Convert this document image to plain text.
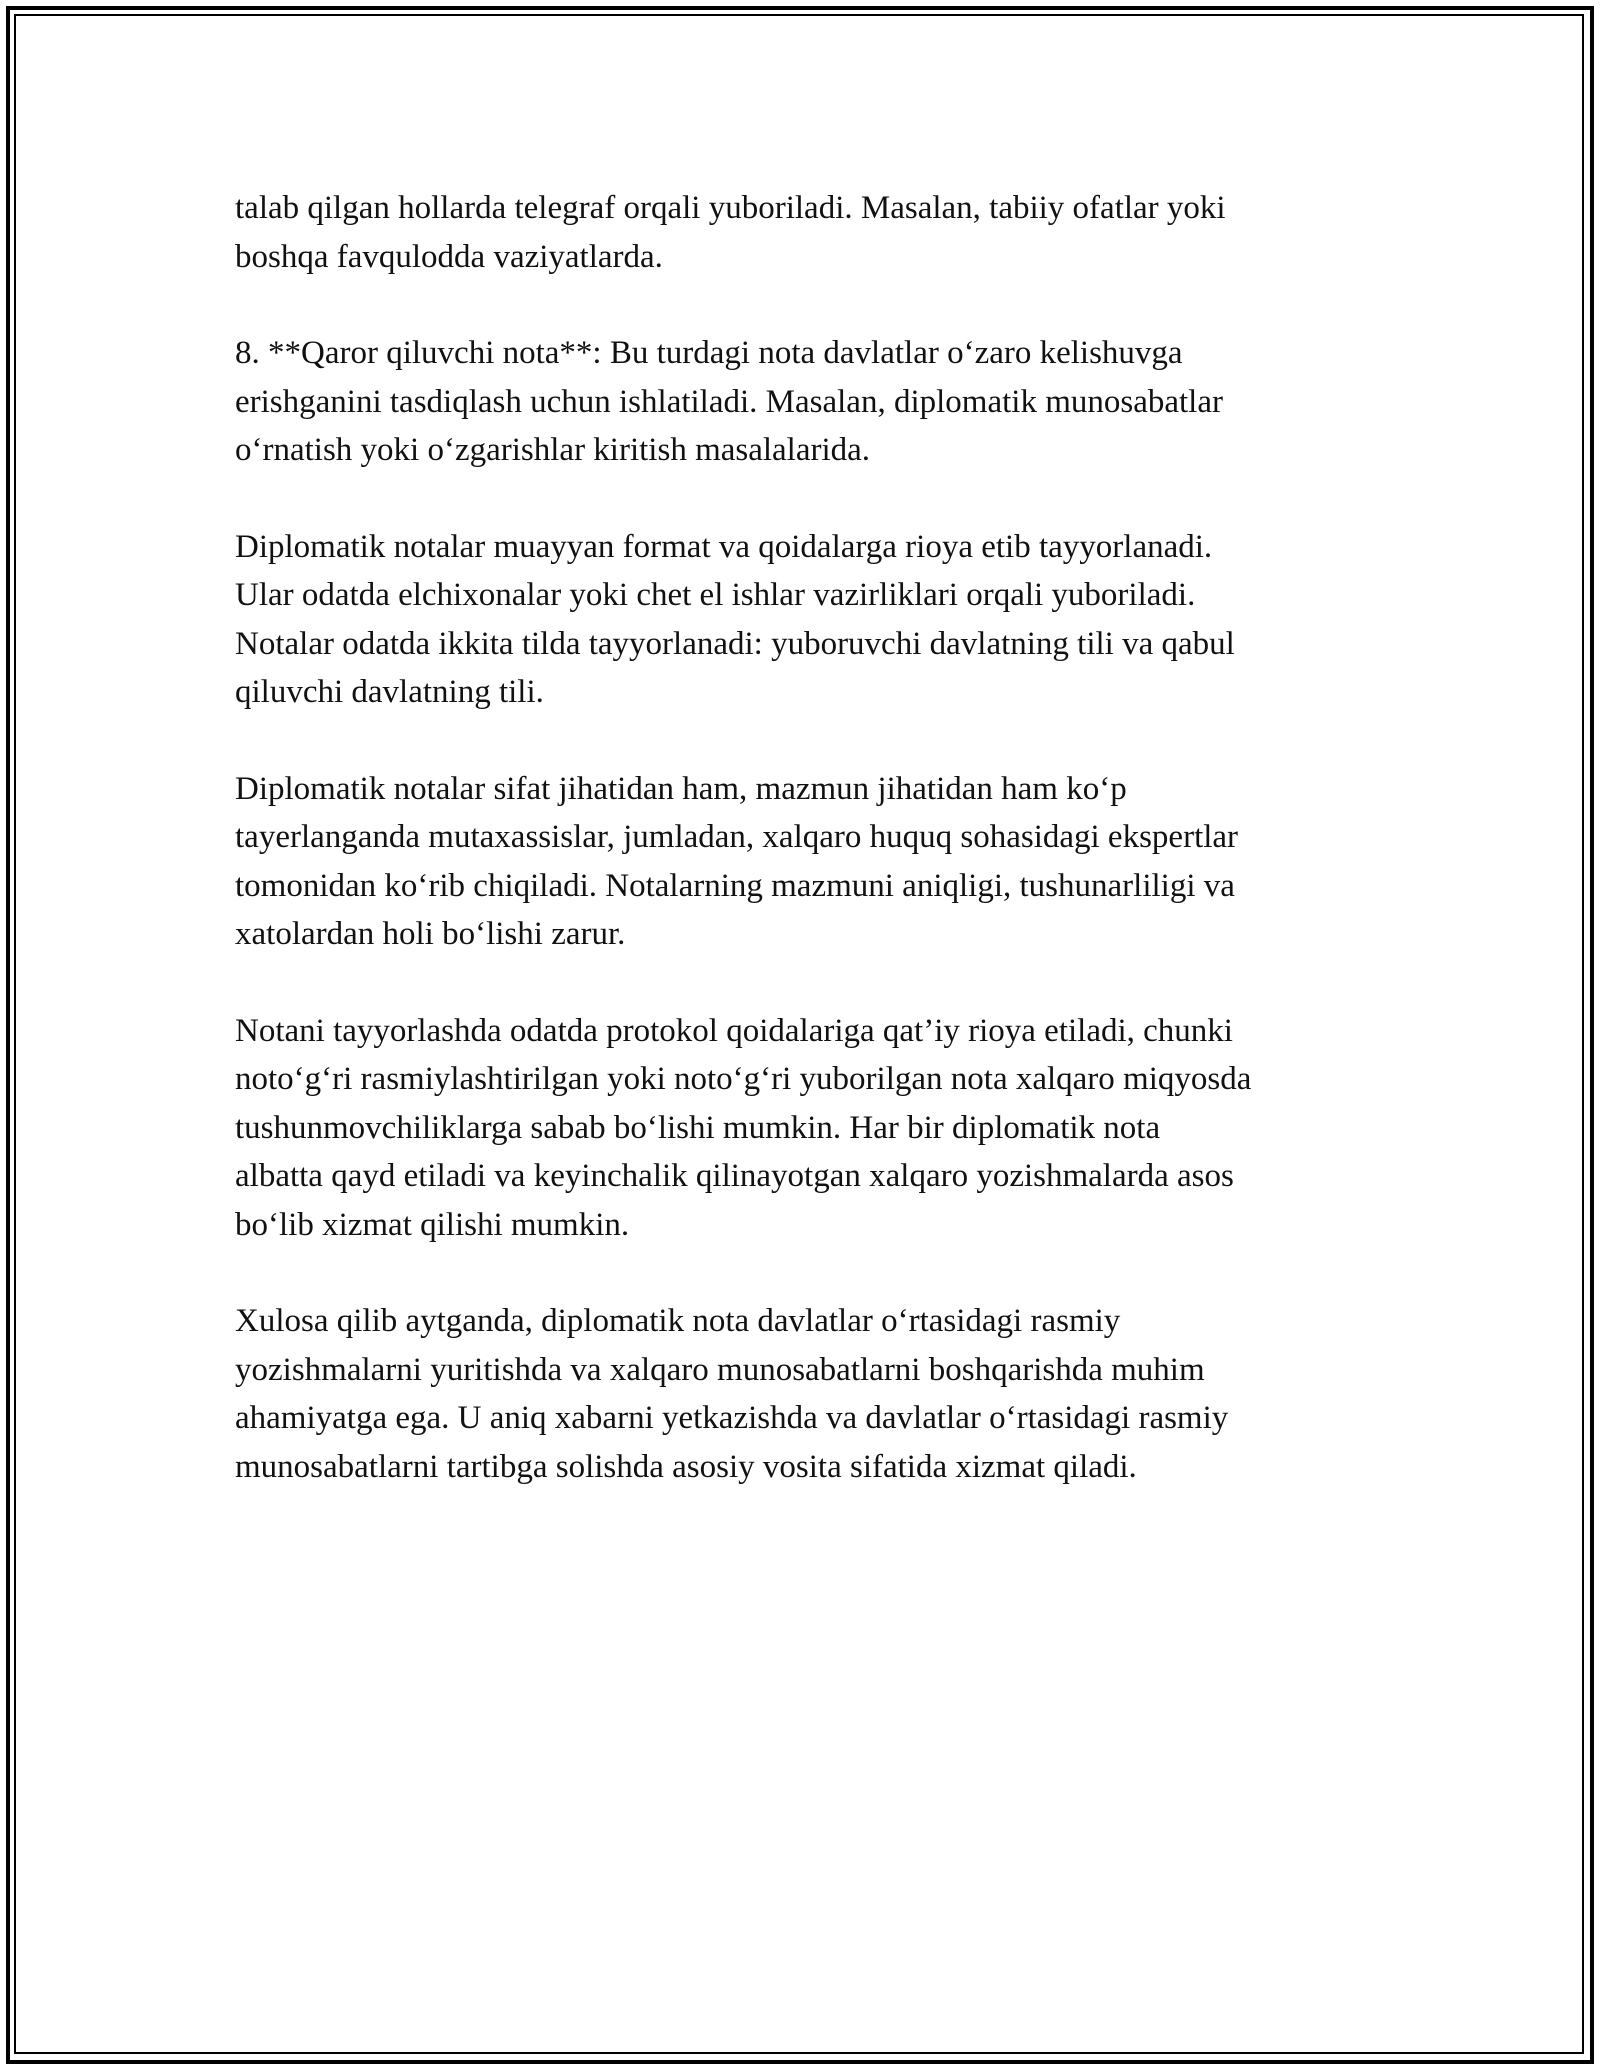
talab qilgan hollarda telegraf orqali yuboriladi. Masalan, tabiiy ofatlar yoki
boshqa favqulodda vaziyatlarda.

8. **Qaror qiluvchi nota**: Bu turdagi nota davlatlar o‘zaro kelishuvga
erishganini tasdiqlash uchun ishlatiladi. Masalan, diplomatik munosabatlar
o‘rnatish yoki o‘zgarishlar kiritish masalalarida.

Diplomatik notalar muayyan format va qoidalarga rioya etib tayyorlanadi.
Ular odatda elchixonalar yoki chet el ishlar vazirliklari orqali yuboriladi.
Notalar odatda ikkita tilda tayyorlanadi: yuboruvchi davlatning tili va qabul
qiluvchi davlatning tili.

Diplomatik notalar sifat jihatidan ham, mazmun jihatidan ham ko‘p
tayerlanganda mutaxassislar, jumladan, xalqaro huquq sohasidagi ekspertlar
tomonidan ko‘rib chiqiladi. Notalarning mazmuni aniqligi, tushunarliligi va
xatolardan holi bo‘lishi zarur.

Notani tayyorlashda odatda protokol qoidalariga qat’iy rioya etiladi, chunki
noto‘g‘ri rasmiylashtirilgan yoki noto‘g‘ri yuborilgan nota xalqaro miqyosda
tushunmovchiliklarga sabab bo‘lishi mumkin. Har bir diplomatik nota
albatta qayd etiladi va keyinchalik qilinayotgan xalqaro yozishmalarda asos
bo‘lib xizmat qilishi mumkin.

Xulosa qilib aytganda, diplomatik nota davlatlar o‘rtasidagi rasmiy
yozishmalarni yuritishda va xalqaro munosabatlarni boshqarishda muhim
ahamiyatga ega. U aniq xabarni yetkazishda va davlatlar o‘rtasidagi rasmiy
munosabatlarni tartibga solishda asosiy vosita sifatida xizmat qiladi.
